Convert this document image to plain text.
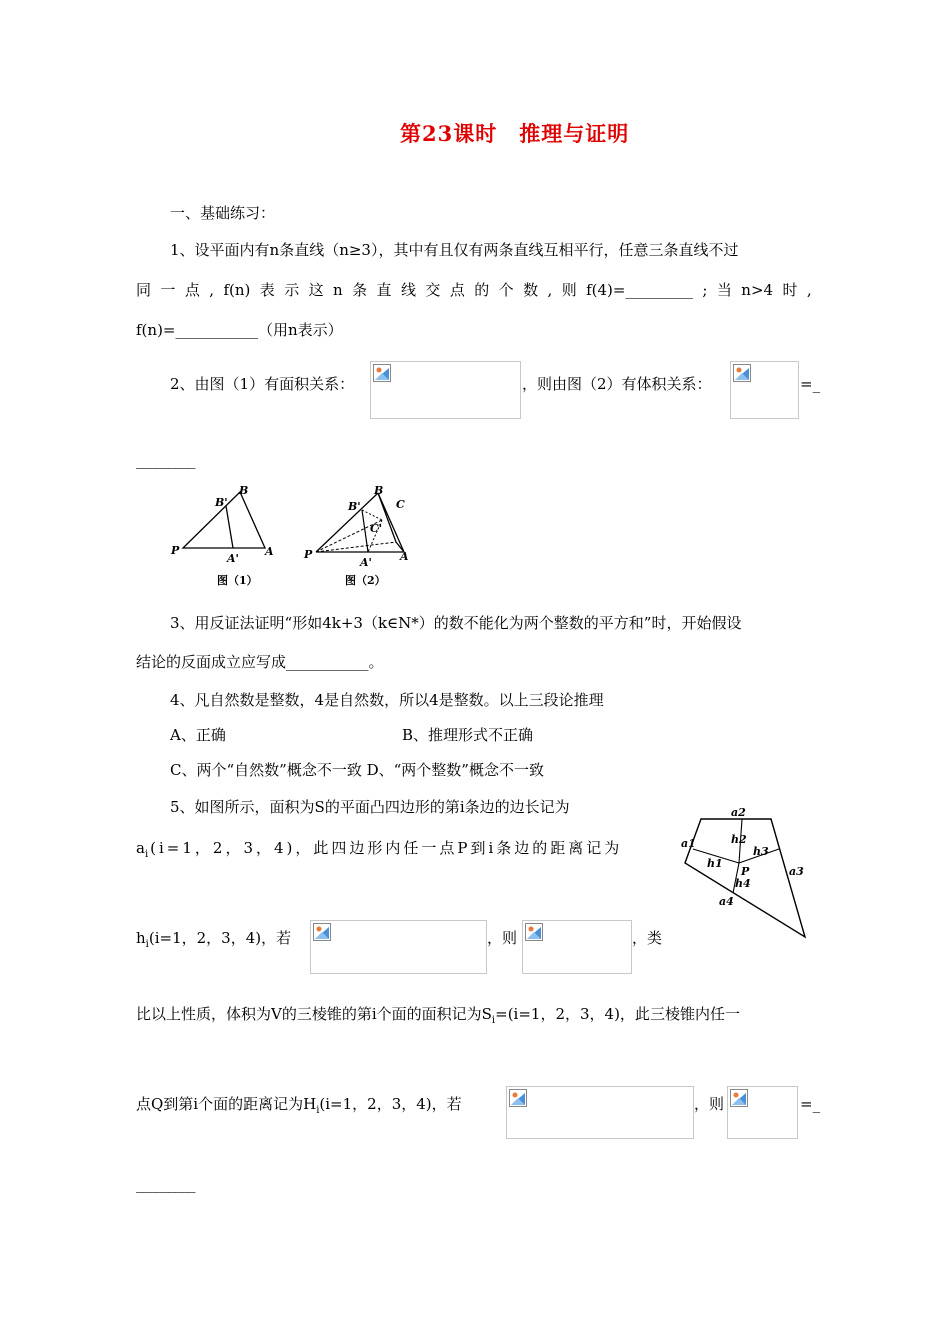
第23课时　推理与证明
一、基础练习：
1、设平面内有n条直线（n≥3），其中有且仅有两条直线互相平行，任意三条直线不过
同 一 点 , f(n) 表 示 这 n 条 直 线 交 点 的 个 数 , 则 f(4)=_________ ; 当 n>4 时 ,
f(n)=___________（用n表示）
2、由图（1）有面积关系：	，则由图（2）有体积关系：	=_
_________
B'
B
P
A'
A
图（1）
B'
B
C
C'
P
A'	A
图（2）
3、用反证法证明“形如4k+3（k∈N*）的数不能化为两个整数的平方和”时，开始假设
结论的反面成立应写成___________。
4、凡自然数是整数，4是自然数，所以4是整数。以上三段论推理
A、正确	B、推理形式不正确
C、两个“自然数”概念不一致 D、“两个整数”概念不一致
5、如图所示，面积为S的平面凸四边形的第i条边的边长记为
$a_i$ (i=1，2，3，4)，此四边形内任一点P到i条边的距离记为
$h_i(i=1$，2，3，4)，若	，则	，类
比以上性质，体积为V的三棱锥的第i个面的面积记为$S_i=(i=1$，2，3，4)，此三棱锥内任一
点Q到第i个面的距离记为$H_i(i=1$，2，3，4)，若	，则	=_
_________
a2
a1	h2
h3
h1
P
h4
a3
a4
